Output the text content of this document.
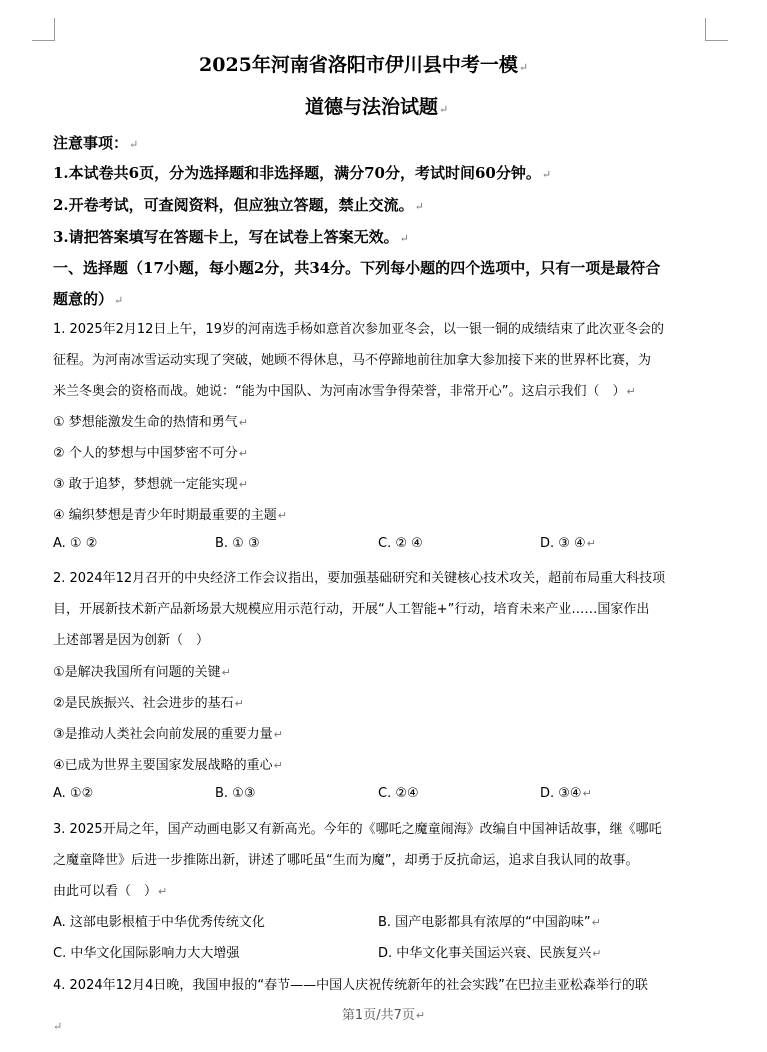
2025年河南省洛阳市伊川县中考一模↵
道德与法治试题↵
注意事项：↵
1.本试卷共6页，分为选择题和非选择题，满分70分，考试时间60分钟。↵
2.开卷考试，可查阅资料，但应独立答题，禁止交流。↵
3.请把答案填写在答题卡上，写在试卷上答案无效。↵
一、选择题（17小题，每小题2分，共34分。下列每小题的四个选项中，只有一项是最符合
题意的）↵
1. 2025年2月12日上午，19岁的河南选手杨如意首次参加亚冬会，以一银一铜的成绩结束了此次亚冬会的
征程。为河南冰雪运动实现了突破，她顾不得休息，马不停蹄地前往加拿大参加接下来的世界杯比赛，为
米兰冬奥会的资格而战。她说：“能为中国队、为河南冰雪争得荣誉，非常开心”。这启示我们（　）↵
① 梦想能激发生命的热情和勇气↵
② 个人的梦想与中国梦密不可分↵
③ 敢于追梦，梦想就一定能实现↵
④ 编织梦想是青少年时期最重要的主题↵
A. ① ②	B. ① ③	C. ② ④	D. ③ ④↵
2. 2024年12月召开的中央经济工作会议指出，要加强基础研究和关键核心技术攻关，超前布局重大科技项
目，开展新技术新产品新场景大规模应用示范行动，开展“人工智能+”行动，培育未来产业……国家作出
上述部署是因为创新（　）
①是解决我国所有问题的关键↵
②是民族振兴、社会进步的基石↵
③是推动人类社会向前发展的重要力量↵
④已成为世界主要国家发展战略的重心↵
A. ①②	B. ①③	C. ②④	D. ③④↵
3. 2025开局之年，国产动画电影又有新高光。今年的《哪吒之魔童闹海》改编自中国神话故事，继《哪吒
之魔童降世》后进一步推陈出新，讲述了哪吒虽“生而为魔”，却勇于反抗命运，追求自我认同的故事。
由此可以看（　）↵
A. 这部电影根植于中华优秀传统文化	B. 国产电影都具有浓厚的“中国韵味”↵
C. 中华文化国际影响力大大增强	D. 中华文化事关国运兴衰、民族复兴↵
4. 2024年12月4日晚，我国申报的“春节——中国人庆祝传统新年的社会实践”在巴拉圭亚松森举行的联
第1页/共7页↵
↵
